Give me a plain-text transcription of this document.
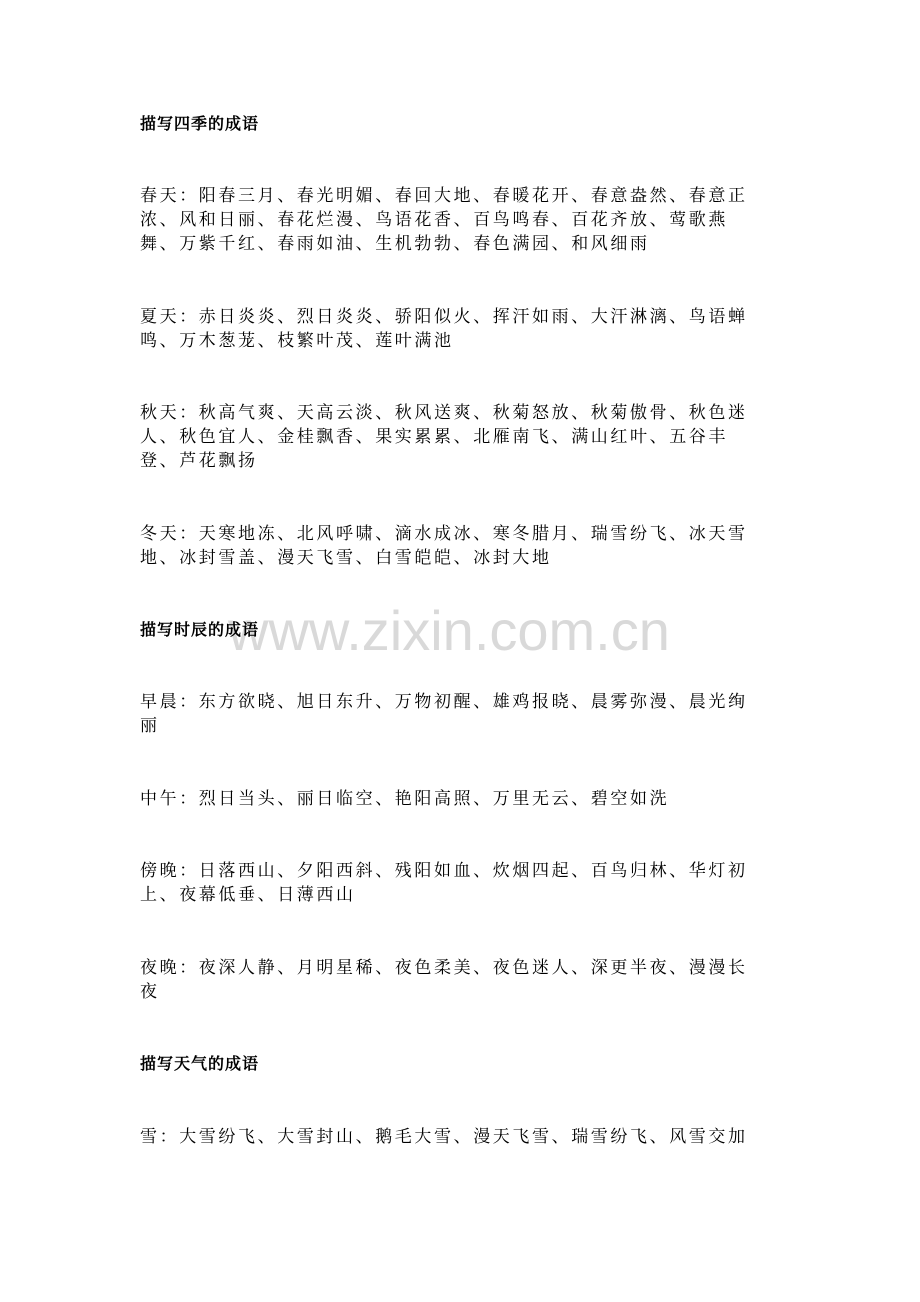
www.zixin.com.cn
描写四季的成语
春天：阳春三月、春光明媚、春回大地、春暖花开、春意盎然、春意正
浓、风和日丽、春花烂漫、鸟语花香、百鸟鸣春、百花齐放、莺歌燕
舞、万紫千红、春雨如油、生机勃勃、春色满园、和风细雨
夏天：赤日炎炎、烈日炎炎、骄阳似火、挥汗如雨、大汗淋漓、鸟语蝉
鸣、万木葱茏、枝繁叶茂、莲叶满池
秋天：秋高气爽、天高云淡、秋风送爽、秋菊怒放、秋菊傲骨、秋色迷
人、秋色宜人、金桂飘香、果实累累、北雁南飞、满山红叶、五谷丰
登、芦花飘扬
冬天：天寒地冻、北风呼啸、滴水成冰、寒冬腊月、瑞雪纷飞、冰天雪
地、冰封雪盖、漫天飞雪、白雪皑皑、冰封大地
描写时辰的成语
早晨：东方欲晓、旭日东升、万物初醒、雄鸡报晓、晨雾弥漫、晨光绚
丽
中午：烈日当头、丽日临空、艳阳高照、万里无云、碧空如洗
傍晚：日落西山、夕阳西斜、残阳如血、炊烟四起、百鸟归林、华灯初
上、夜幕低垂、日薄西山
夜晚：夜深人静、月明星稀、夜色柔美、夜色迷人、深更半夜、漫漫长
夜
描写天气的成语
雪：大雪纷飞、大雪封山、鹅毛大雪、漫天飞雪、瑞雪纷飞、风雪交加
